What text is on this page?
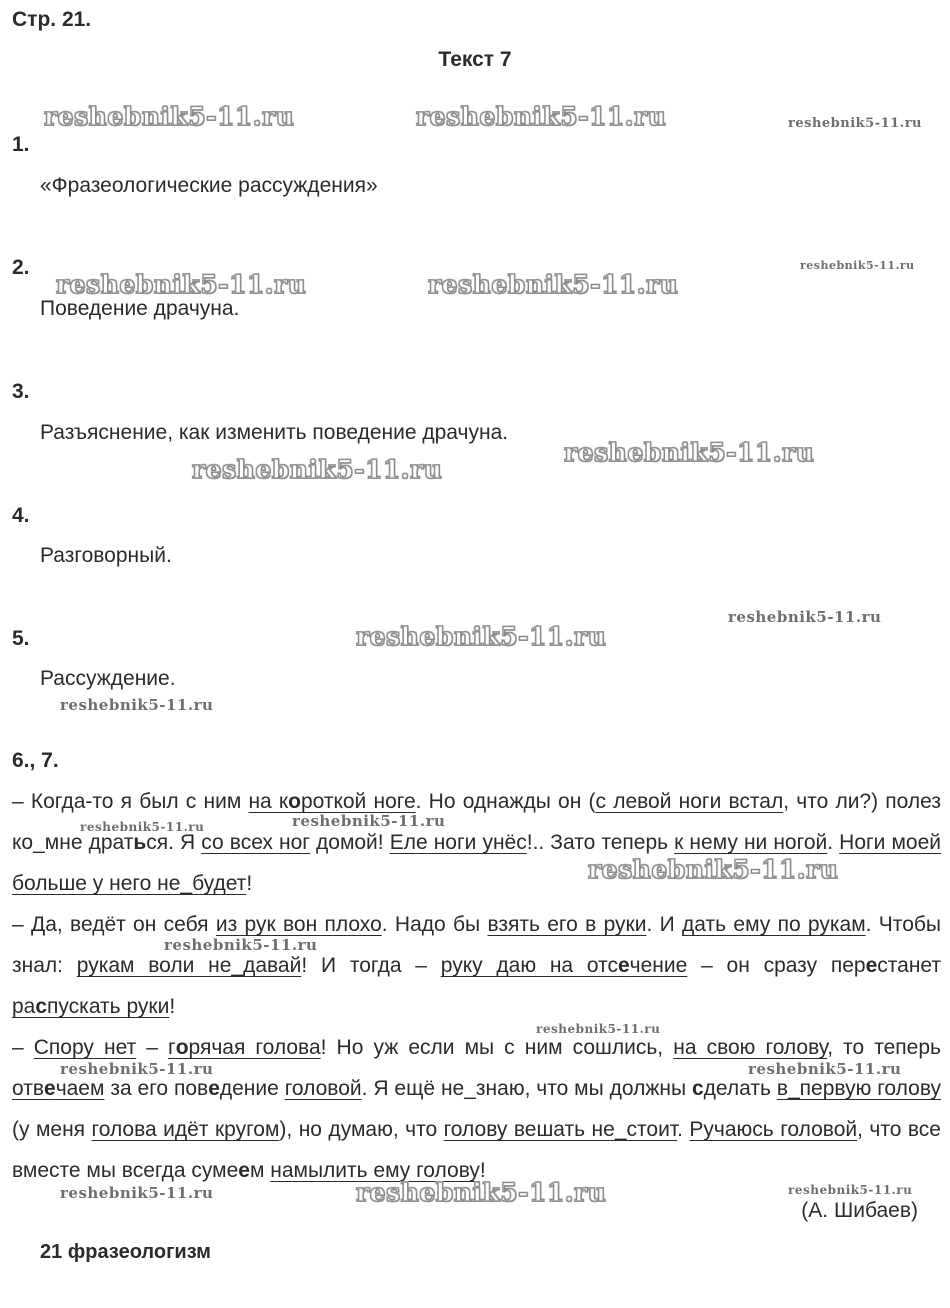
Стр. 21.
Текст 7
1.
«Фразеологические рассуждения»
2.
Поведение драчуна.
3.
Разъяснение, как изменить поведение драчуна.
4.
Разговорный.
5.
Рассуждение.
6., 7.
– Когда-то я был с ним на короткой ноге. Но однажды он (с левой ноги встал, что ли?) полез ко_мне драться. Я со всех ног домой! Еле ноги унёс!.. Зато теперь к нему ни ногой. Ноги моей больше у него не_будет!
– Да, ведёт он себя из рук вон плохо. Надо бы взять его в руки. И дать ему по рукам. Чтобы знал: рукам воли не_давай! И тогда – руку даю на отсечение – он сразу перестанет распускать руки!
– Спору нет – горячая голова! Но уж если мы с ним сошлись, на свою голову, то теперь отвечаем за его поведение головой. Я ещё не_знаю, что мы должны сделать в_первую голову (у меня голова идёт кругом), но думаю, что голову вешать не_стоит. Ручаюсь головой, что все вместе мы всегда сумеем намылить ему голову!
(А. Шибаев)
21 фразеологизм
reshebnik5-11.ru	reshebnik5-11.ru	reshebnik5-11.ru
reshebnik5-11.ru
reshebnik5-11.ru	reshebnik5-11.ru
reshebnik5-11.ru
reshebnik5-11.ru
reshebnik5-11.ru
reshebnik5-11.ru
reshebnik5-11.ru
reshebnik5-11.ru	reshebnik5-11.ru
reshebnik5-11.ru
reshebnik5-11.ru
reshebnik5-11.ru
reshebnik5-11.ru	reshebnik5-11.ru
reshebnik5-11.ru	reshebnik5-11.ru	reshebnik5-11.ru
